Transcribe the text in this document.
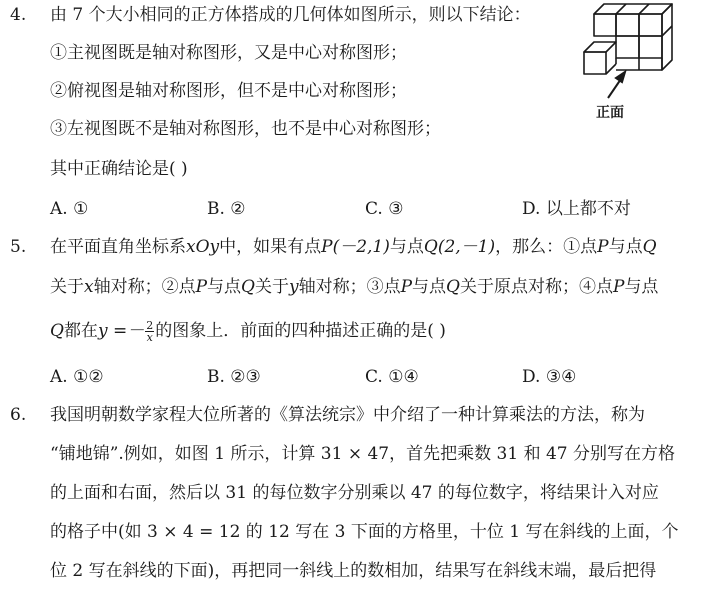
4. 由 7 个大小相同的正方体搭成的几何体如图所示，则以下结论：
①主视图既是轴对称图形，又是中心对称图形；
②俯视图是轴对称图形，但不是中心对称图形；
③左视图既不是轴对称图形，也不是中心对称图形；
其中正确结论是( )
A. ①	B. ②	C. ③	D. 以上都不对
正面
5. 在平面直角坐标系xOy中，如果有点P(－2,1)与点Q(2,－1)，那么：①点P与点Q
关于x轴对称；②点P与点Q关于y轴对称；③点P与点Q关于原点对称；④点P与点
Q都在$y =- \frac{2}{x}$ 的图象上．前面的四种描述正确的是( )
A. ①②	B. ②③	C. ①④	D. ③④
6. 我国明朝数学家程大位所著的《算法统宗》中介绍了一种计算乘法的方法，称为
“铺地锦”.例如，如图 1 所示，计算 31 × 47，首先把乘数 31 和 47 分别写在方格
的上面和右面，然后以 31 的每位数字分别乘以 47 的每位数字，将结果计入对应
的格子中(如 3 × 4 = 12 的 12 写在 3 下面的方格里，十位 1 写在斜线的上面，个
位 2 写在斜线的下面)，再把同一斜线上的数相加，结果写在斜线末端，最后把得
